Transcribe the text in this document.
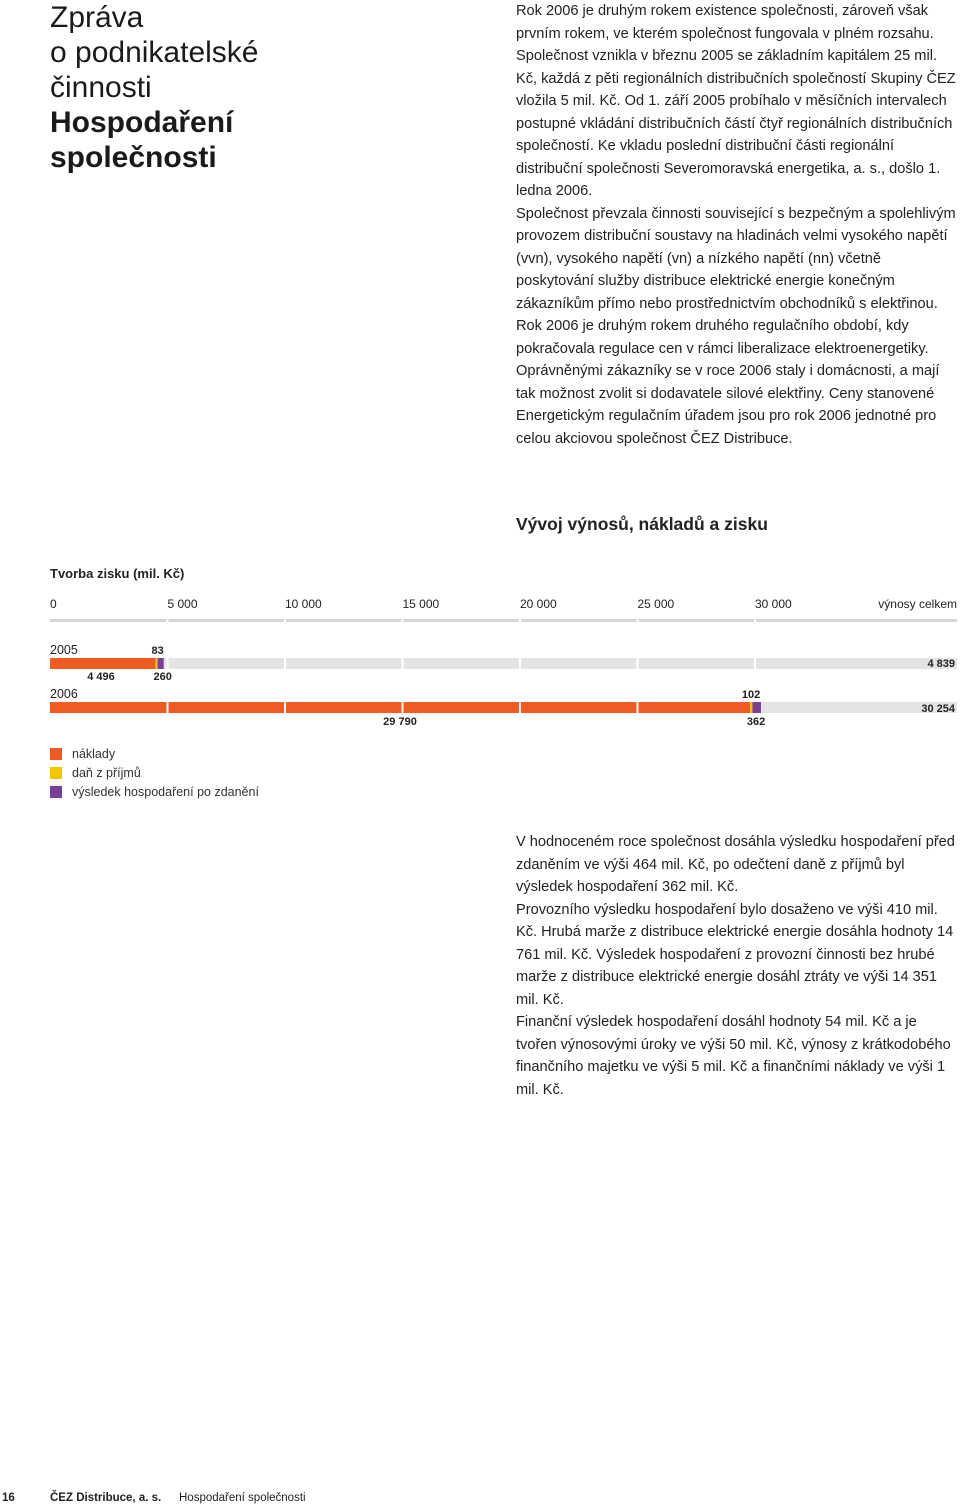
Zpráva
o podnikatelské
činnosti
Hospodaření
společnosti

Rok 2006 je druhým rokem existence společnosti, zároveň však prvním rokem, ve kterém společnost fungovala v plném rozsahu. Společnost vznikla v březnu 2005 se základním kapitálem 25 mil. Kč, každá z pěti regionálních distribučních společností Skupiny ČEZ vložila 5 mil. Kč. Od 1. září 2005 probíhalo v měsíčních intervalech postupné vkládání distribučních částí čtyř regionálních distribučních společností. Ke vkladu poslední distribuční části regionální distribuční společnosti Severomoravská energetika, a. s., došlo 1. ledna 2006.

Společnost převzala činnosti související s bezpečným a spolehlivým provozem distribuční soustavy na hladinách velmi vysokého napětí (vvn), vysokého napětí (vn) a nízkého napětí (nn) včetně poskytování služby distribuce elektrické energie konečným zákazníkům přímo nebo prostřednictvím obchodníků s elektřinou.

Rok 2006 je druhým rokem druhého regulačního období, kdy pokračovala regulace cen v rámci liberalizace elektroenergetiky. Oprávněnými zákazníky se v roce 2006 staly i domácnosti, a mají tak možnost zvolit si dodavatele silové elektřiny. Ceny stanovené Energetickým regulačním úřadem jsou pro rok 2006 jednotné pro celou akciovou společnost ČEZ Distribuce.

Vývoj výnosů, nákladů a zisku
Tvorba zisku (mil. Kč)
0	5 000	10 000	15 000	20 000	25 000	30 000	výnosy celkem
2005
4 496
83
260
4 839
2006
29 790
102
362
30 254
náklady
daň z příjmů
výsledek hospodaření po zdanění

V hodnoceném roce společnost dosáhla výsledku hospodaření před zdaněním ve výši 464 mil. Kč, po odečtení daně z příjmů byl výsledek hospodaření 362 mil. Kč.

Provozního výsledku hospodaření bylo dosaženo ve výši 410 mil. Kč. Hrubá marže z distribuce elektrické energie dosáhla hodnoty 14 761 mil. Kč. Výsledek hospodaření z provozní činnosti bez hrubé marže z distribuce elektrické energie dosáhl ztráty ve výši 14 351 mil. Kč.

Finanční výsledek hospodaření dosáhl hodnoty 54 mil. Kč a je tvořen výnosovými úroky ve výši 50 mil. Kč, výnosy z krátkodobého finančního majetku ve výši 5 mil. Kč a finančními náklady ve výši 1 mil. Kč.

16	ČEZ Distribuce, a. s. Hospodaření společnosti
